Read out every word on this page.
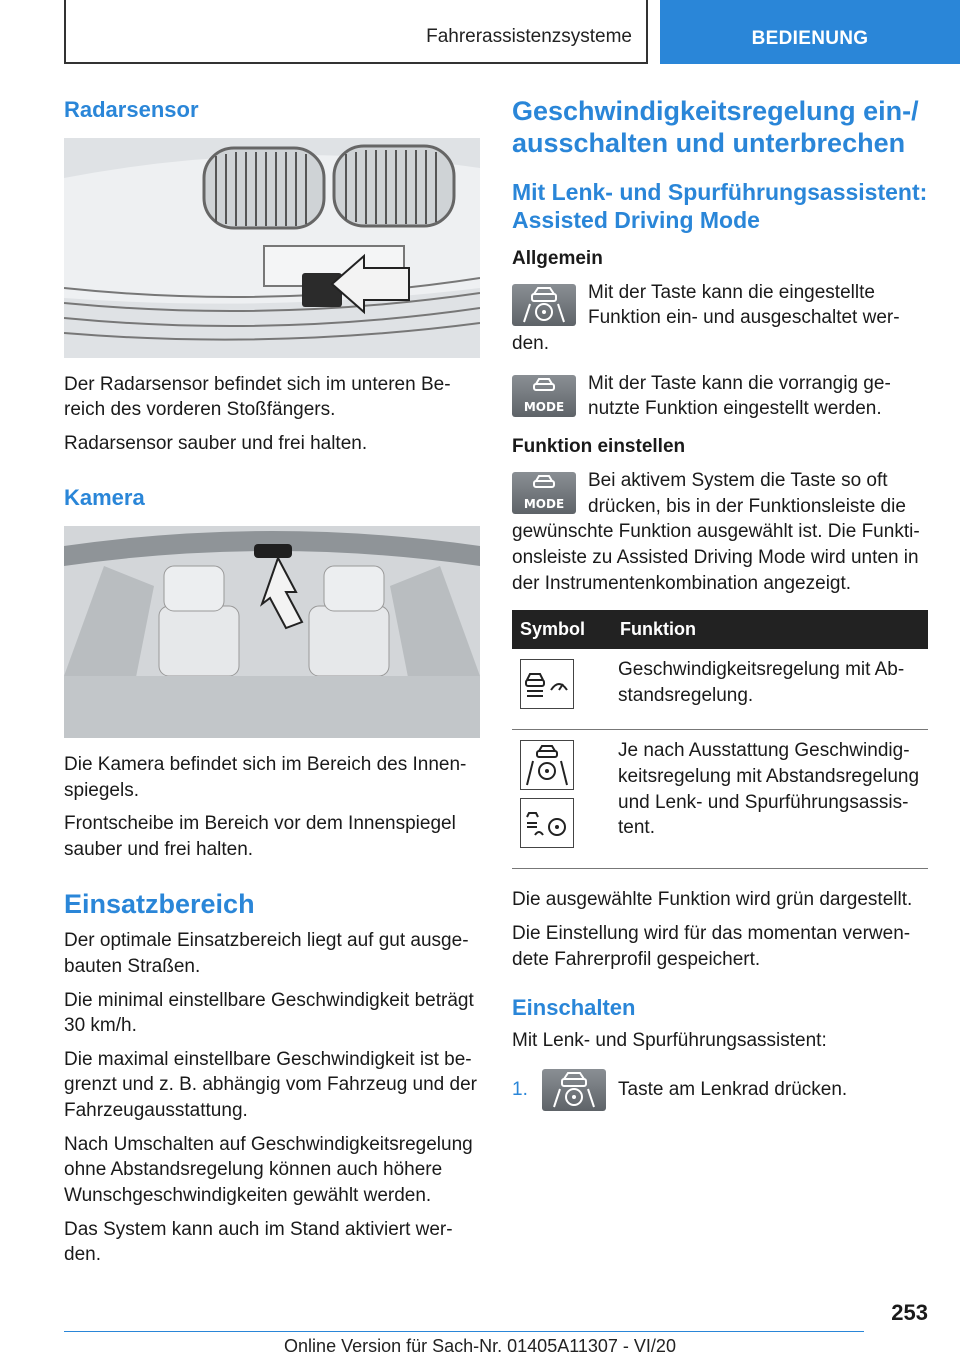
Fahrerassistenzsysteme	BEDIENUNG
Radarsensor

Der Radarsensor befindet sich im unteren Bereich des vorderen Stoßfängers.

Radarsensor sauber und frei halten.

Kamera

Die Kamera befindet sich im Bereich des Innenspiegels.

Frontscheibe im Bereich vor dem Innenspiegel sauber und frei halten.

Einsatzbereich

Der optimale Einsatzbereich liegt auf gut ausgebauten Straßen.

Die minimal einstellbare Geschwindigkeit beträgt 30 km/h.

Die maximal einstellbare Geschwindigkeit ist begrenzt und z. B. abhängig vom Fahrzeug und der Fahrzeugausstattung.

Nach Umschalten auf Geschwindigkeitsregelung ohne Abstandsregelung können auch höhere Wunschgeschwindigkeiten gewählt werden.

Das System kann auch im Stand aktiviert werden.

Geschwindigkeitsregelung ein-/ ausschalten und unterbrechen
Mit Lenk- und Spurführungsassistent: Assisted Driving Mode
Allgemein

Mit der Taste kann die eingestellte Funktion ein- und ausgeschaltet werden.

MODE

Mit der Taste kann die vorrangig genutzte Funktion eingestellt werden.

Funktion einstellen
MODE

Bei aktivem System die Taste so oft drücken, bis in der Funktionsleiste die gewünschte Funktion ausgewählt ist. Die Funktionsleiste zu Assisted Driving Mode wird unten in der Instrumentenkombination angezeigt.

Symbol	Funktion

	Geschwindigkeitsregelung mit Abstandsregelung.

	Je nach Ausstattung Geschwindigkeitsregelung mit Abstandsregelung und Lenk- und Spurführungsassistent.

Die ausgewählte Funktion wird grün dargestellt.

Die Einstellung wird für das momentan verwendete Fahrerprofil gespeichert.

Einschalten

Mit Lenk- und Spurführungsassistent:

1.	Taste am Lenkrad drücken.
253
Online Version für Sach-Nr. 01405A11307 - VI/20
